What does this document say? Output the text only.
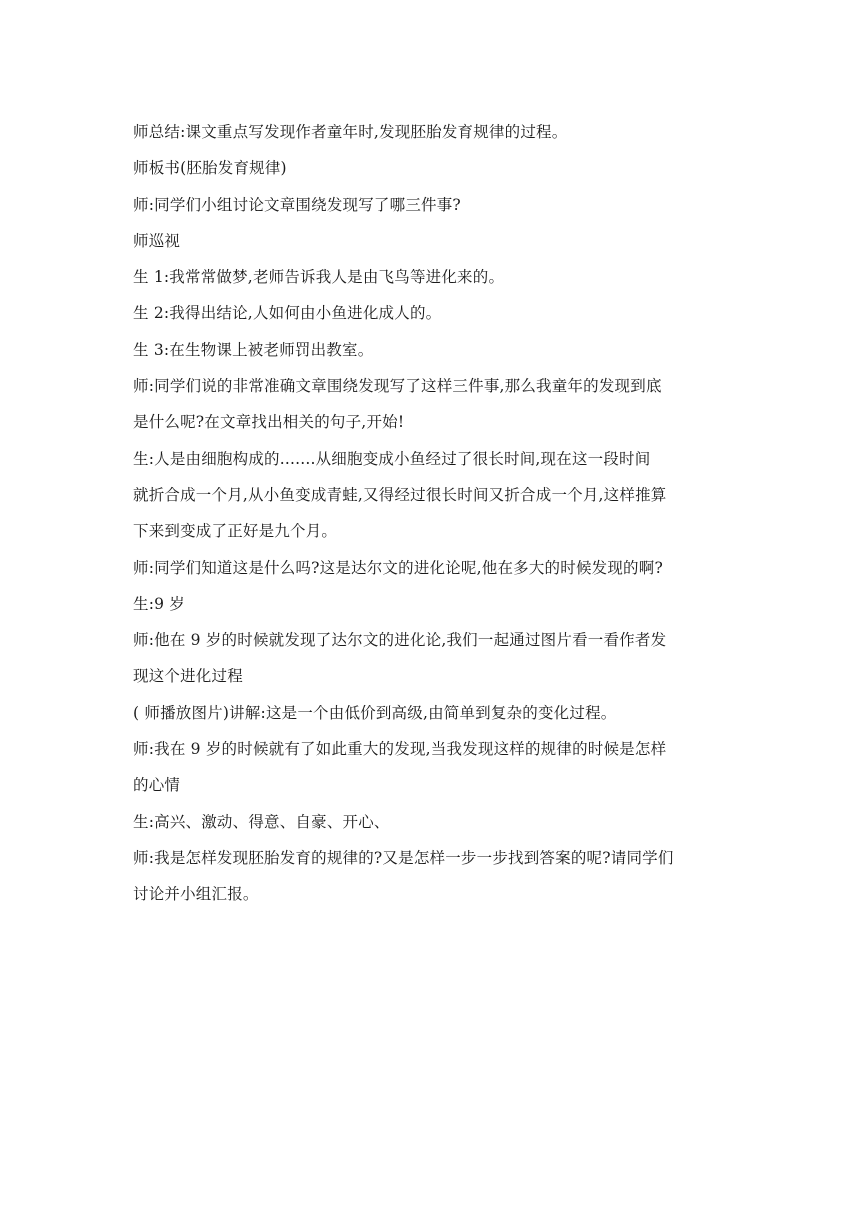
师总结:课文重点写发现作者童年时,发现胚胎发育规律的过程。

师板书(胚胎发育规律)

师:同学们小组讨论文章围绕发现写了哪三件事?

师巡视

生 1:我常常做梦,老师告诉我人是由飞鸟等进化来的。

生 2:我得出结论,人如何由小鱼进化成人的。

生 3:在生物课上被老师罚出教室。

师:同学们说的非常准确文章围绕发现写了这样三件事,那么我童年的发现到底

是什么呢?在文章找出相关的句子,开始!

生:人是由细胞构成的.......从细胞变成小鱼经过了很长时间,现在这一段时间

就折合成一个月,从小鱼变成青蛙,又得经过很长时间又折合成一个月,这样推算

下来到变成了正好是九个月。

师:同学们知道这是什么吗?这是达尔文的进化论呢,他在多大的时候发现的啊?

生:9 岁

师:他在 9 岁的时候就发现了达尔文的进化论,我们一起通过图片看一看作者发

现这个进化过程

( 师播放图片)讲解:这是一个由低价到高级,由简单到复杂的变化过程。

师:我在 9 岁的时候就有了如此重大的发现,当我发现这样的规律的时候是怎样

的心情

生:高兴、激动、得意、自豪、开心、

师:我是怎样发现胚胎发育的规律的?又是怎样一步一步找到答案的呢?请同学们

讨论并小组汇报。
